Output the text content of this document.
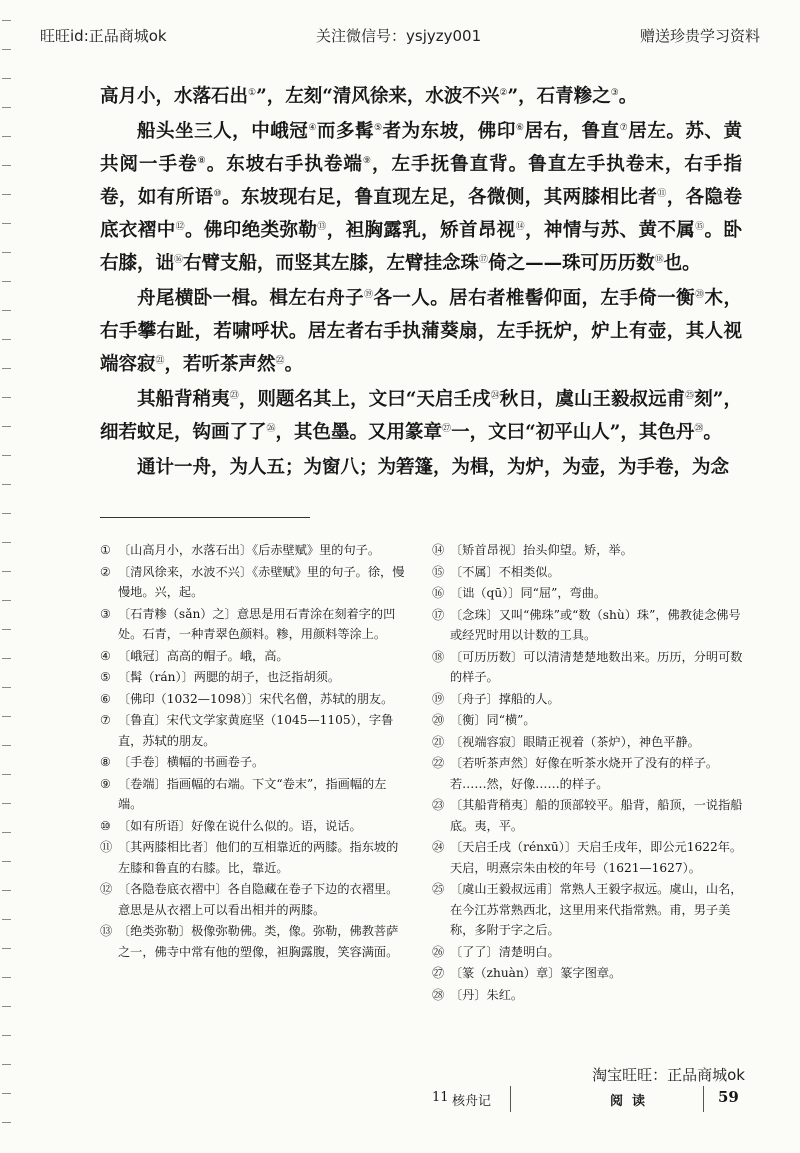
旺旺id:正品商城ok	关注微信号：ysjyzy001	赠送珍贵学习资料

高月小，水落石出①”，左刻“清风徐来，水波不兴②”，石青糁之③。

船头坐三人，中峨冠④而多髯⑤者为东坡，佛印⑥居右，鲁直⑦居左。苏、黄共阅一手卷⑧。东坡右手执卷端⑨，左手抚鲁直背。鲁直左手执卷末，右手指卷，如有所语⑩。东坡现右足，鲁直现左足，各微侧，其两膝相比者⑪，各隐卷底衣褶中⑫。佛印绝类弥勒⑬，袒胸露乳，矫首昂视⑭，神情与苏、黄不属⑮。卧右膝，诎⑯右臂支船，而竖其左膝，左臂挂念珠⑰倚之——珠可历历数⑱也。

舟尾横卧一楫。楫左右舟子⑲各一人。居右者椎髻仰面，左手倚一衡⑳木，右手攀右趾，若啸呼状。居左者右手执蒲葵扇，左手抚炉，炉上有壶，其人视端容寂$^㉑$，若听茶声然$^㉒$。

其船背稍夷$^㉓$，则题名其上，文曰“天启壬戌$^㉔$秋日，虞山王毅叔远甫$^㉕$刻”，细若蚊足，钩画了了$^㉖$，其色墨。又用篆章$^㉗$一，文曰“初平山人”，其色丹$^㉘$。

通计一舟，为人五；为窗八；为箬篷，为楫，为炉，为壶，为手卷，为念

① 〔山高月小，水落石出〕《后赤壁赋》里的句子。
② 〔清风徐来，水波不兴〕《赤壁赋》里的句子。徐，慢慢地。兴，起。
③ 〔石青糁（sǎn）之〕意思是用石青涂在刻着字的凹处。石青，一种青翠色颜料。糁，用颜料等涂上。
④ 〔峨冠〕高高的帽子。峨，高。
⑤ 〔髯（rán）〕两腮的胡子，也泛指胡须。
⑥ 〔佛印（1032—1098）〕宋代名僧，苏轼的朋友。
⑦ 〔鲁直〕宋代文学家黄庭坚（1045—1105），字鲁直，苏轼的朋友。
⑧ 〔手卷〕横幅的书画卷子。
⑨ 〔卷端〕指画幅的右端。下文“卷末”，指画幅的左端。
⑩ 〔如有所语〕好像在说什么似的。语，说话。
⑪ 〔其两膝相比者〕他们的互相靠近的两膝。指东坡的左膝和鲁直的右膝。比，靠近。
⑫ 〔各隐卷底衣褶中〕各自隐藏在卷子下边的衣褶里。意思是从衣褶上可以看出相并的两膝。
⑬ 〔绝类弥勒〕极像弥勒佛。类，像。弥勒，佛教菩萨之一，佛寺中常有他的塑像，袒胸露腹，笑容满面。
⑭ 〔矫首昂视〕抬头仰望。矫，举。
⑮ 〔不属〕不相类似。
⑯ 〔诎（qū）〕同“屈”，弯曲。
⑰ 〔念珠〕又叫“佛珠”或“数（shù）珠”，佛教徒念佛号或经咒时用以计数的工具。
⑱ 〔可历历数〕可以清清楚楚地数出来。历历，分明可数的样子。
⑲ 〔舟子〕撑船的人。
⑳ 〔衡〕同“横”。
㉑ 〔视端容寂〕眼睛正视着（茶炉），神色平静。
㉒ 〔若听茶声然〕好像在听茶水烧开了没有的样子。若……然，好像……的样子。
㉓ 〔其船背稍夷〕船的顶部较平。船背，船顶，一说指船底。夷，平。
㉔ 〔天启壬戌（rénxū）〕天启壬戌年，即公元1622年。天启，明熹宗朱由校的年号（1621—1627）。
㉕ 〔虞山王毅叔远甫〕常熟人王毅字叔远。虞山，山名，在今江苏常熟西北，这里用来代指常熟。甫，男子美称，多附于字之后。
㉖ 〔了了〕清楚明白。
㉗ 〔篆（zhuàn）章〕篆字图章。
㉘ 〔丹〕朱红。
淘宝旺旺：正品商城ok
11 核舟记	阅  读	59
